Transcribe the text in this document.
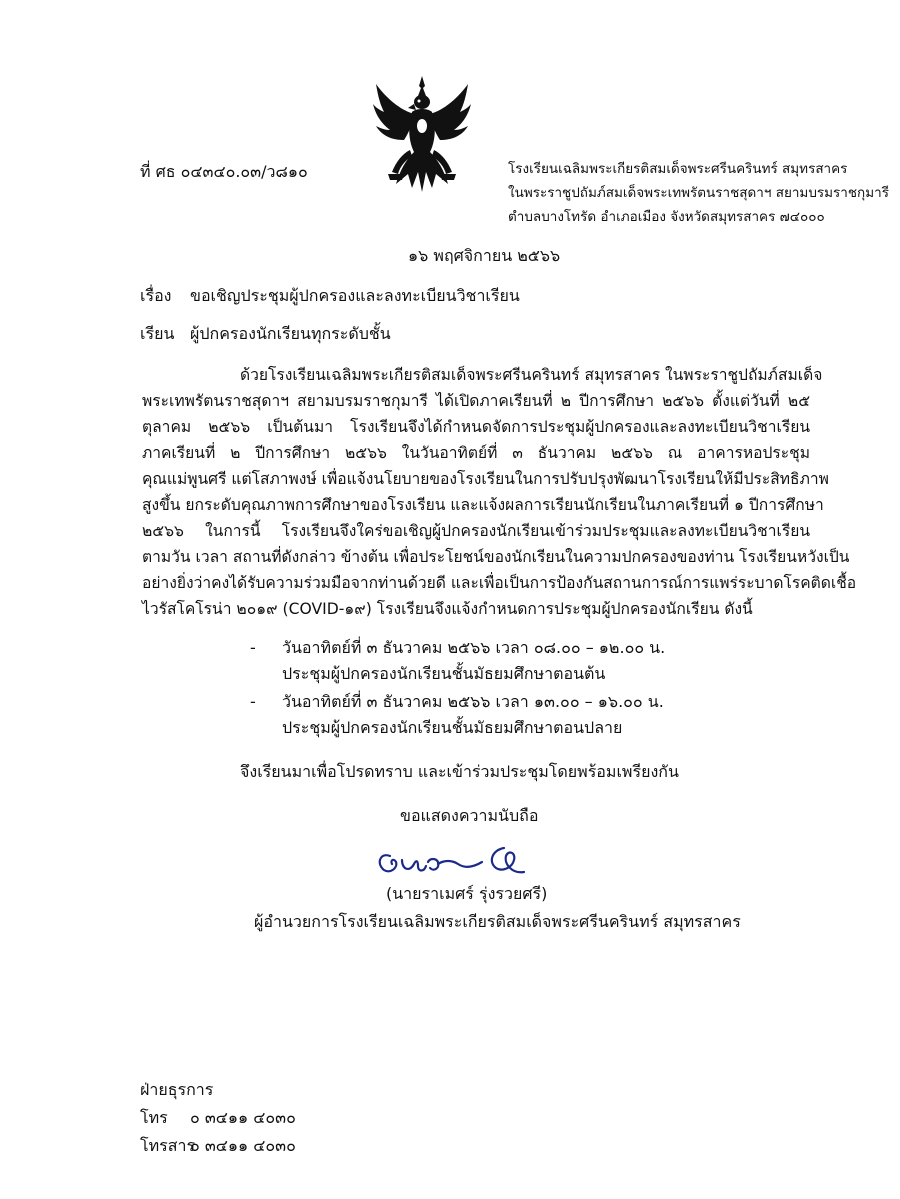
ที่ ศธ ๐๔๓๔๐.๐๓/ว๘๑๐	โรงเรียนเฉลิมพระเกียรติสมเด็จพระศรีนครินทร์ สมุทรสาคร
ในพระราชูปถัมภ์สมเด็จพระเทพรัตนราชสุดาฯ สยามบรมราชกุมารี
ตำบลบางโทรัด อำเภอเมือง จังหวัดสมุทรสาคร ๗๔๐๐๐
๑๖ พฤศจิกายน ๒๕๖๖
เรื่อง ขอเชิญประชุมผู้ปกครองและลงทะเบียนวิชาเรียน
เรียน ผู้ปกครองนักเรียนทุกระดับชั้น
ด้วยโรงเรียนเฉลิมพระเกียรติสมเด็จพระศรีนครินทร์ สมุทรสาคร ในพระราชูปถัมภ์สมเด็จ
พระเทพรัตนราชสุดาฯ สยามบรมราชกุมารี ได้เปิดภาคเรียนที่ ๒ ปีการศึกษา ๒๕๖๖ ตั้งแต่วันที่ ๒๕
ตุลาคม ๒๕๖๖ เป็นต้นมา โรงเรียนจึงได้กำหนดจัดการประชุมผู้ปกครองและลงทะเบียนวิชาเรียน
ภาคเรียนที่ ๒ ปีการศึกษา ๒๕๖๖ ในวันอาทิตย์ที่ ๓ ธันวาคม ๒๕๖๖ ณ อาคารหอประชุม
คุณแม่พูนศรี แต่โสภาพงษ์ เพื่อแจ้งนโยบายของโรงเรียนในการปรับปรุงพัฒนาโรงเรียนให้มีประสิทธิภาพ
สูงขึ้น ยกระดับคุณภาพการศึกษาของโรงเรียน และแจ้งผลการเรียนนักเรียนในภาคเรียนที่ ๑ ปีการศึกษา
๒๕๖๖ ในการนี้ โรงเรียนจึงใคร่ขอเชิญผู้ปกครองนักเรียนเข้าร่วมประชุมและลงทะเบียนวิชาเรียน
ตามวัน เวลา สถานที่ดังกล่าว ข้างต้น เพื่อประโยชน์ของนักเรียนในความปกครองของท่าน โรงเรียนหวังเป็น
อย่างยิ่งว่าคงได้รับความร่วมมือจากท่านด้วยดี และเพื่อเป็นการป้องกันสถานการณ์การแพร่ระบาดโรคติดเชื้อ
ไวรัสโคโรน่า ๒๐๑๙ (COVID-๑๙) โรงเรียนจึงแจ้งกำหนดการประชุมผู้ปกครองนักเรียน ดังนี้
- วันอาทิตย์ที่ ๓ ธันวาคม ๒๕๖๖ เวลา ๐๘.๐๐ – ๑๒.๐๐ น.
ประชุมผู้ปกครองนักเรียนชั้นมัธยมศึกษาตอนต้น
- วันอาทิตย์ที่ ๓ ธันวาคม ๒๕๖๖ เวลา ๑๓.๐๐ – ๑๖.๐๐ น.
ประชุมผู้ปกครองนักเรียนชั้นมัธยมศึกษาตอนปลาย
จึงเรียนมาเพื่อโปรดทราบ และเข้าร่วมประชุมโดยพร้อมเพรียงกัน
ขอแสดงความนับถือ
(นายราเมศร์ รุ่งรวยศรี)
ผู้อำนวยการโรงเรียนเฉลิมพระเกียรติสมเด็จพระศรีนครินทร์ สมุทรสาคร
ฝ่ายธุรการ
โทร ๐ ๓๔๑๑ ๔๐๓๐
โทรสาร
๐ ๓๔๑๑ ๔๐๓๐
